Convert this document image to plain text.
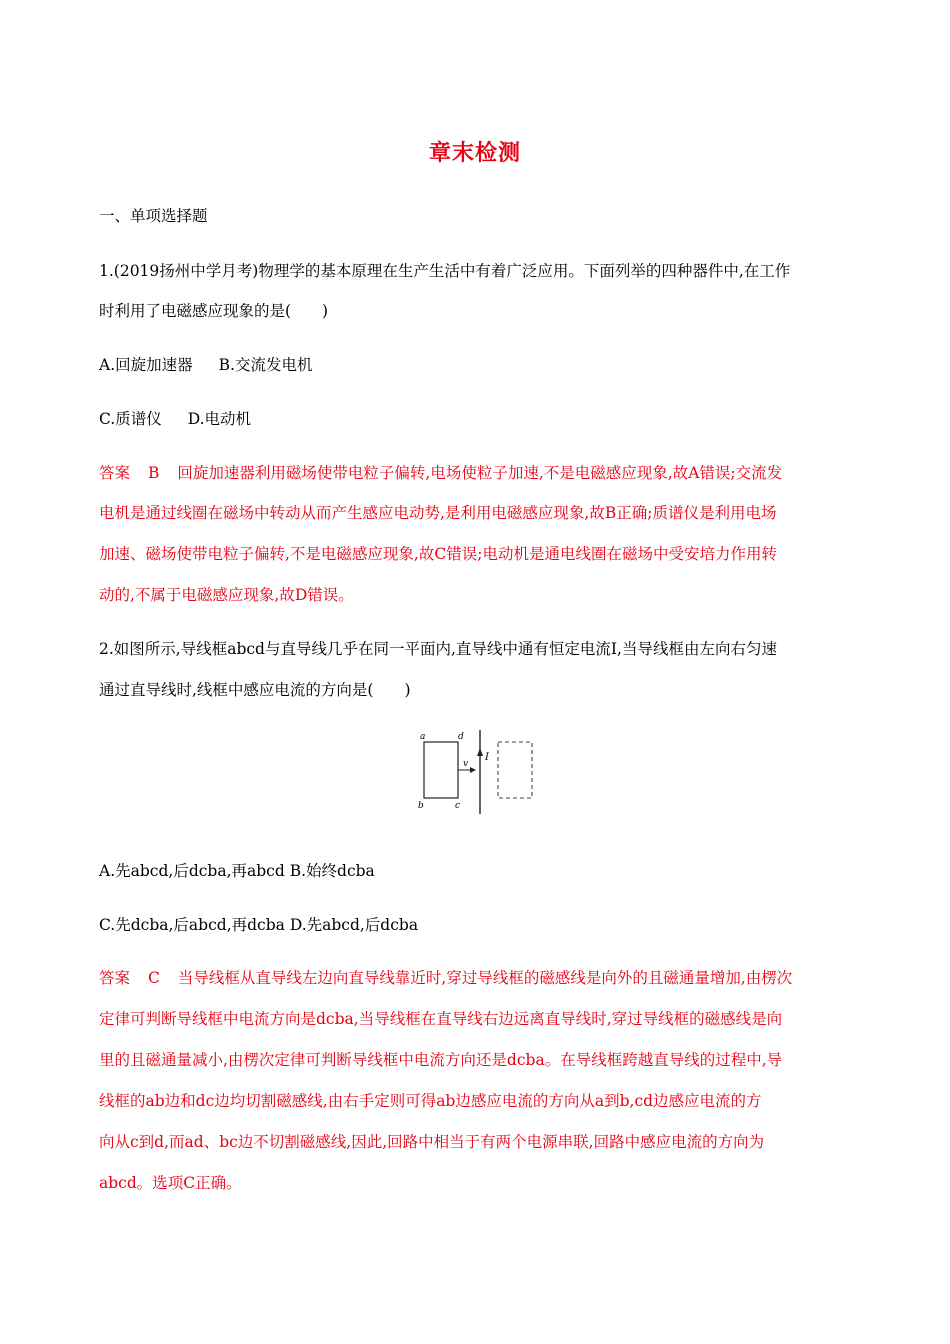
章末检测
一、单项选择题
1.(2019扬州中学月考)物理学的基本原理在生产生活中有着广泛应用。下面列举的四种器件中,在工作
时利用了电磁感应现象的是(　　)
A.回旋加速器 B.交流发电机
C.质谱仪 D.电动机
答案 B 回旋加速器利用磁场使带电粒子偏转,电场使粒子加速,不是电磁感应现象,故A错误;交流发
电机是通过线圈在磁场中转动从而产生感应电动势,是利用电磁感应现象,故B正确;质谱仪是利用电场
加速、磁场使带电粒子偏转,不是电磁感应现象,故C错误;电动机是通电线圈在磁场中受安培力作用转
动的,不属于电磁感应现象,故D错误。
2.如图所示,导线框abcd与直导线几乎在同一平面内,直导线中通有恒定电流I,当导线框由左向右匀速
通过直导线时,线框中感应电流的方向是(　　)
a	d
b	c
v
I
A.先abcd,后dcba,再abcd B.始终dcba
C.先dcba,后abcd,再dcba D.先abcd,后dcba
答案 C 当导线框从直导线左边向直导线靠近时,穿过导线框的磁感线是向外的且磁通量增加,由楞次
定律可判断导线框中电流方向是dcba,当导线框在直导线右边远离直导线时,穿过导线框的磁感线是向
里的且磁通量减小,由楞次定律可判断导线框中电流方向还是dcba。在导线框跨越直导线的过程中,导
线框的ab边和dc边均切割磁感线,由右手定则可得ab边感应电流的方向从a到b,cd边感应电流的方
向从c到d,而ad、bc边不切割磁感线,因此,回路中相当于有两个电源串联,回路中感应电流的方向为
abcd。选项C正确。
